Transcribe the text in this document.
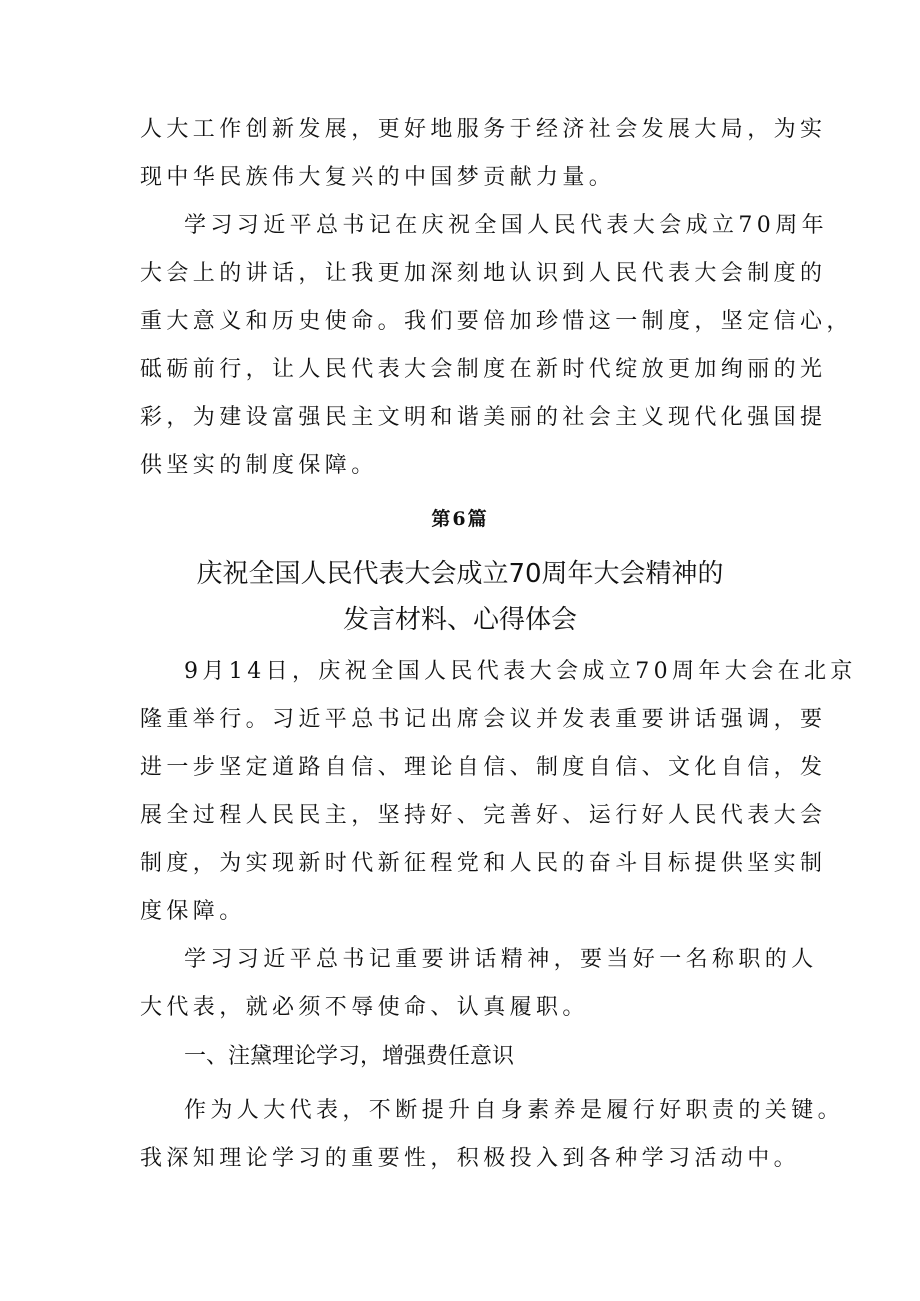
人大工作创新发展，更好地服务于经济社会发展大局，为实

现中华民族伟大复兴的中国梦贡献力量。

学习习近平总书记在庆祝全国人民代表大会成立70周年

大会上的讲话，让我更加深刻地认识到人民代表大会制度的

重大意义和历史使命。我们要倍加珍惜这一制度，坚定信心，

砥砺前行，让人民代表大会制度在新时代绽放更加绚丽的光

彩，为建设富强民主文明和谐美丽的社会主义现代化强国提

供坚实的制度保障。

第6篇
庆祝全国人民代表大会成立70周年大会精神的
发言材料、心得体会

9月14日，庆祝全国人民代表大会成立70周年大会在北京

隆重举行。习近平总书记出席会议并发表重要讲话强调，要

进一步坚定道路自信、理论自信、制度自信、文化自信，发

展全过程人民民主，坚持好、完善好、运行好人民代表大会

制度，为实现新时代新征程党和人民的奋斗目标提供坚实制

度保障。

学习习近平总书记重要讲话精神，要当好一名称职的人

大代表，就必须不辱使命、认真履职。

一、注黛理论学习，增强费任意识

作为人大代表，不断提升自身素养是履行好职责的关键。

我深知理论学习的重要性，积极投入到各种学习活动中。
